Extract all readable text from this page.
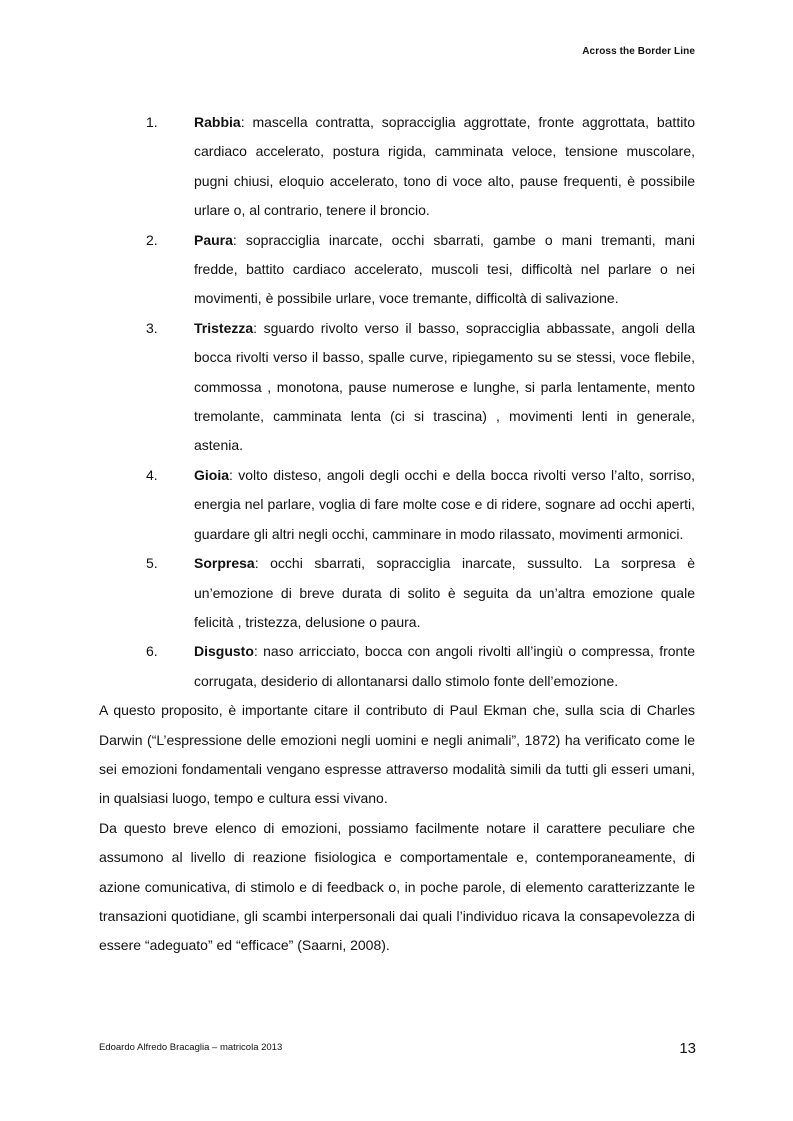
Across the Border Line
1.	Rabbia: mascella contratta, sopracciglia aggrottate, fronte aggrottata, battito cardiaco accelerato, postura rigida, camminata veloce, tensione muscolare, pugni chiusi, eloquio accelerato, tono di voce alto, pause frequenti, è possibile urlare o, al contrario, tenere il broncio.
2.	Paura: sopracciglia inarcate, occhi sbarrati, gambe o mani tremanti, mani fredde, battito cardiaco accelerato, muscoli tesi, difficoltà nel parlare o nei movimenti, è possibile urlare, voce tremante, difficoltà di salivazione.
3.	Tristezza: sguardo rivolto verso il basso, sopracciglia abbassate, angoli della bocca rivolti verso il basso, spalle curve, ripiegamento su se stessi, voce flebile, commossa , monotona, pause numerose e lunghe, si parla lentamente, mento tremolante, camminata lenta (ci si trascina) , movimenti lenti in generale, astenia.
4.	Gioia: volto disteso, angoli degli occhi e della bocca rivolti verso l’alto, sorriso, energia nel parlare, voglia di fare molte cose e di ridere, sognare ad occhi aperti, guardare gli altri negli occhi, camminare in modo rilassato, movimenti armonici.
5.	Sorpresa: occhi sbarrati, sopracciglia inarcate, sussulto. La sorpresa è un’emozione di breve durata di solito è seguita da un’altra emozione quale felicità , tristezza, delusione o paura.
6.	Disgusto: naso arricciato, bocca con angoli rivolti all’ingiù o compressa, fronte corrugata, desiderio di allontanarsi dallo stimolo fonte dell’emozione.

A questo proposito, è importante citare il contributo di Paul Ekman che, sulla scia di Charles Darwin (“L’espressione delle emozioni negli uomini e negli animali”, 1872) ha verificato come le sei emozioni fondamentali vengano espresse attraverso modalità simili da tutti gli esseri umani, in qualsiasi luogo, tempo e cultura essi vivano.

Da questo breve elenco di emozioni, possiamo facilmente notare il carattere peculiare che assumono al livello di reazione fisiologica e comportamentale e, contemporaneamente, di azione comunicativa, di stimolo e di feedback o, in poche parole, di elemento caratterizzante le transazioni quotidiane, gli scambi interpersonali dai quali l’individuo ricava la consapevolezza di essere “adeguato” ed “efficace” (Saarni, 2008).

Edoardo Alfredo Bracaglia – matricola 2013	13
